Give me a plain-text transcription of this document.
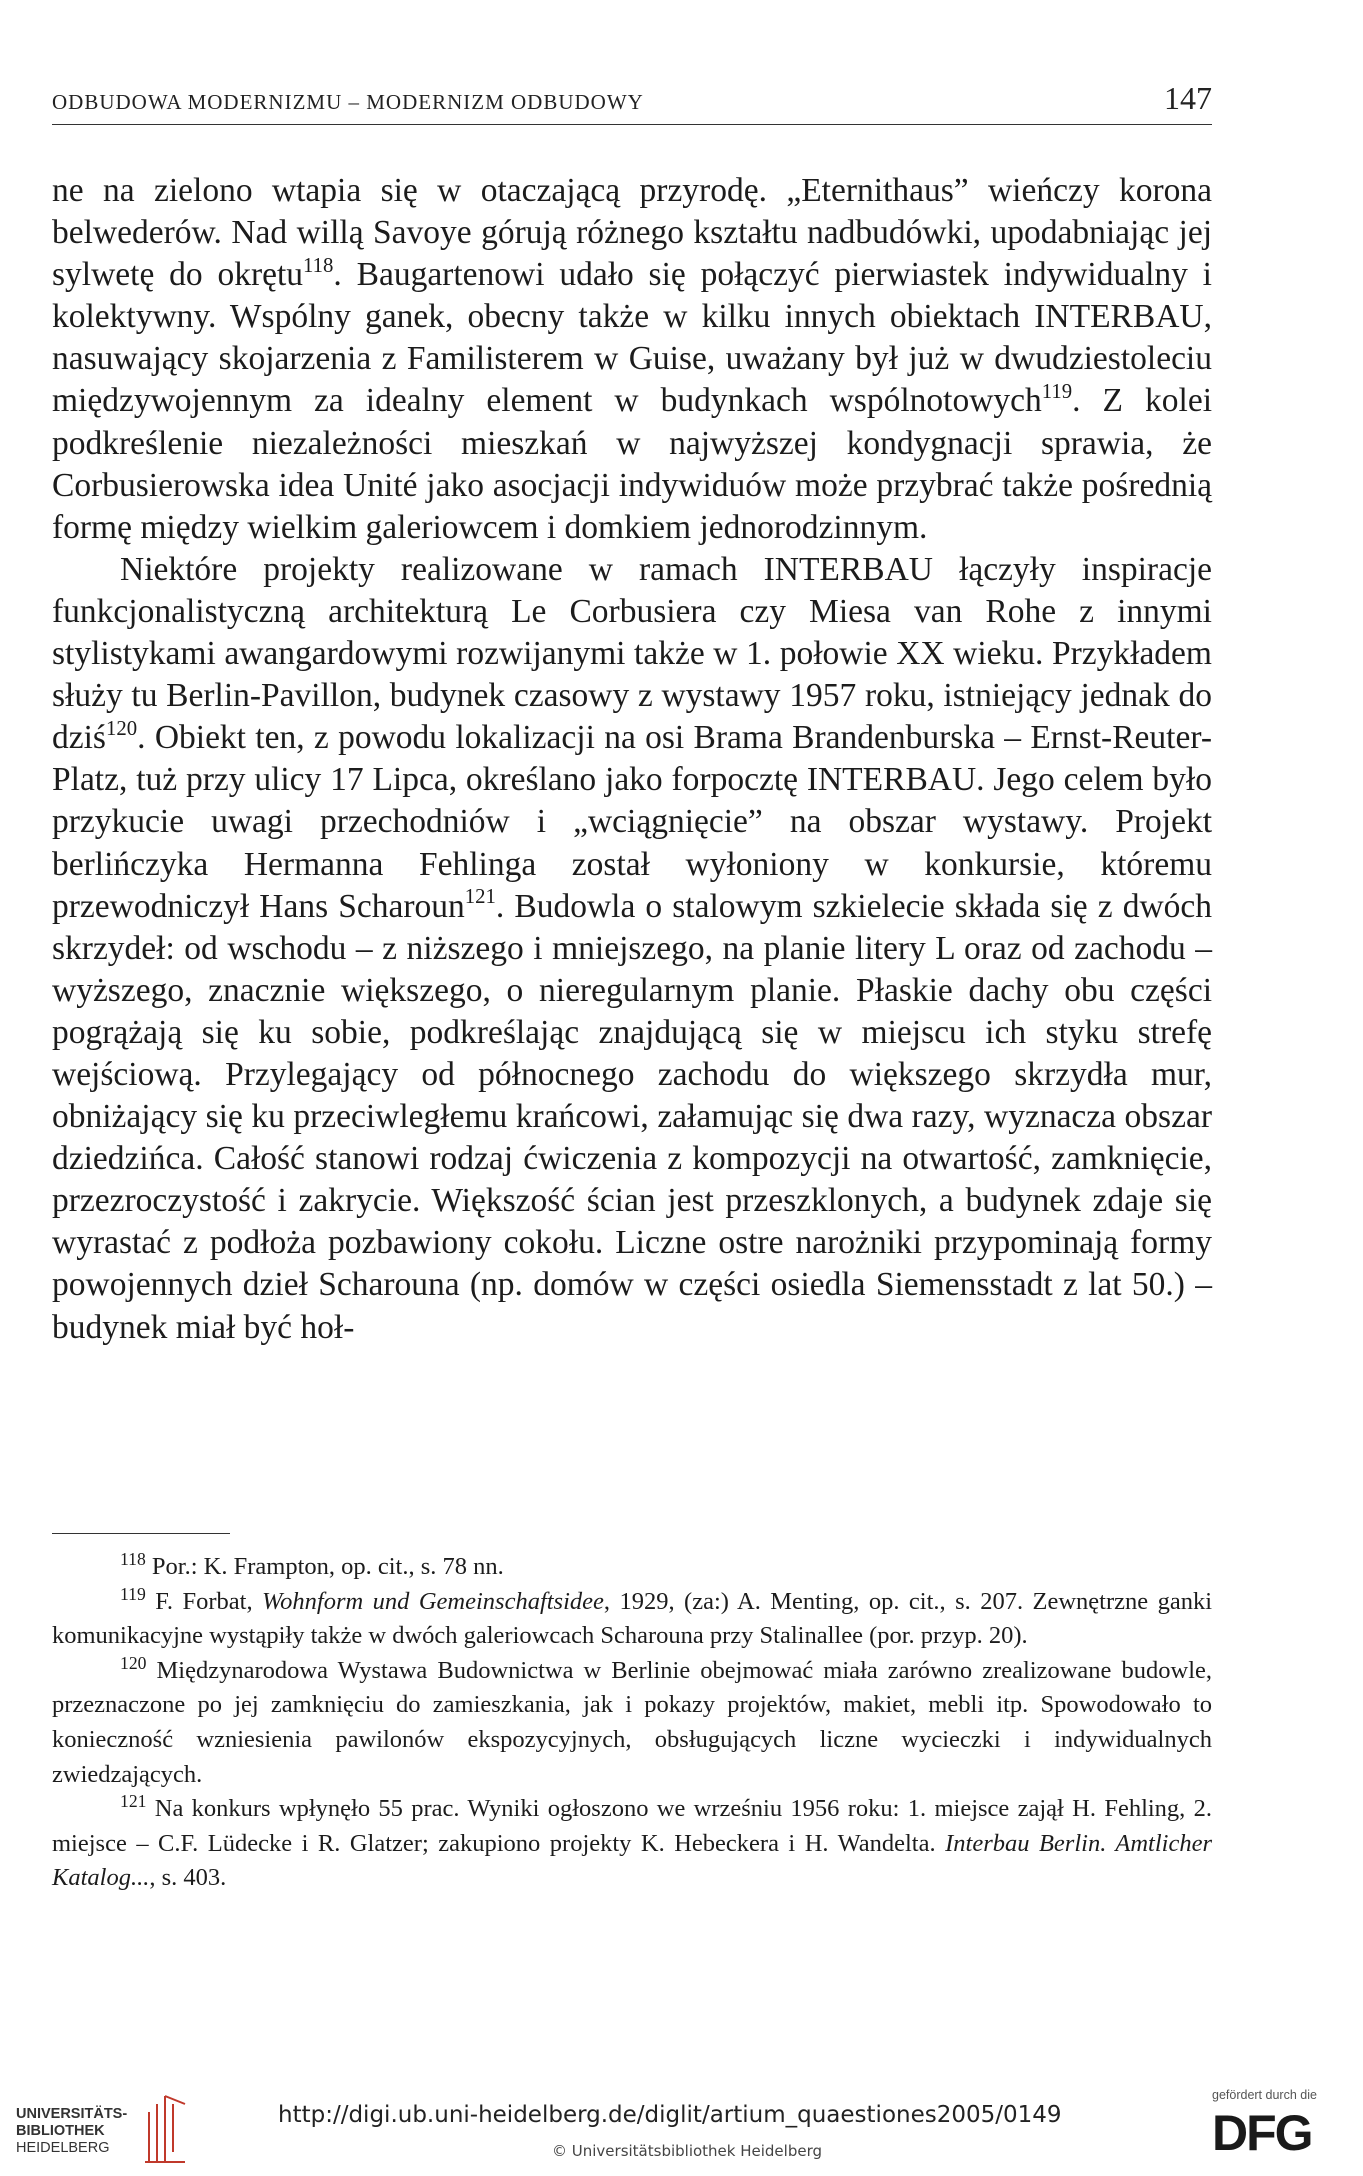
ODBUDOWA MODERNIZMU – MODERNIZM ODBUDOWY	147

ne na zielono wtapia się w otaczającą przyrodę. „Eternithaus” wieńczy korona belwederów. Nad willą Savoye górują różnego kształtu nadbudówki, upodabniając jej sylwetę do okrętu$^{118}$. Baugartenowi udało się połączyć pierwiastek indywidualny i kolektywny. Wspólny ganek, obecny także w kilku innych obiektach INTERBAU, nasuwający skojarzenia z Familisterem w Guise, uważany był już w dwudziestoleciu międzywojennym za idealny element w budynkach wspólnotowych$^{119}$. Z kolei podkreślenie niezależności mieszkań w najwyższej kondygnacji sprawia, że Corbusierowska idea Unité jako asocjacji indywiduów może przybrać także pośrednią formę między wielkim galeriowcem i domkiem jednorodzinnym.

Niektóre projekty realizowane w ramach INTERBAU łączyły inspiracje funkcjonalistyczną architekturą Le Corbusiera czy Miesa van Rohe z innymi stylistykami awangardowymi rozwijanymi także w 1. połowie XX wieku. Przykładem służy tu Berlin-Pavillon, budynek czasowy z wystawy 1957 roku, istniejący jednak do dziś$^{120}$. Obiekt ten, z powodu lokalizacji na osi Brama Brandenburska – Ernst-Reuter-Platz, tuż przy ulicy 17 Lipca, określano jako forpocztę INTERBAU. Jego celem było przykucie uwagi przechodniów i „wciągnięcie” na obszar wystawy. Projekt berlińczyka Hermanna Fehlinga został wyłoniony w konkursie, któremu przewodniczył Hans Scharoun$^{121}$. Budowla o stalowym szkielecie składa się z dwóch skrzydeł: od wschodu – z niższego i mniejszego, na planie litery L oraz od zachodu – wyższego, znacznie większego, o nieregularnym planie. Płaskie dachy obu części pogrążają się ku sobie, podkreślając znajdującą się w miejscu ich styku strefę wejściową. Przylegający od północnego zachodu do większego skrzydła mur, obniżający się ku przeciwległemu krańcowi, załamując się dwa razy, wyznacza obszar dziedzińca. Całość stanowi rodzaj ćwiczenia z kompozycji na otwartość, zamknięcie, przezroczystość i zakrycie. Większość ścian jest przeszklonych, a budynek zdaje się wyrastać z podłoża pozbawiony cokołu. Liczne ostre narożniki przypominają formy powojennych dzieł Scharouna (np. domów w części osiedla Siemensstadt z lat 50.) – budynek miał być hoł-

$^{118}$ Por.: K. Frampton, op. cit., s. 78 nn.

$^{119}$ F. Forbat, Wohnform und Gemeinschaftsidee, 1929, (za:) A. Menting, op. cit., s. 207. Zewnętrzne ganki komunikacyjne wystąpiły także w dwóch galeriowcach Scharouna przy Stalinallee (por. przyp. 20).

$^{120}$ Międzynarodowa Wystawa Budownictwa w Berlinie obejmować miała zarówno zrealizowane budowle, przeznaczone po jej zamknięciu do zamieszkania, jak i pokazy projektów, makiet, mebli itp. Spowodowało to konieczność wzniesienia pawilonów ekspozycyjnych, obsługujących liczne wycieczki i indywidualnych zwiedzających.

$^{121}$ Na konkurs wpłynęło 55 prac. Wyniki ogłoszono we wrześniu 1956 roku: 1. miejsce zajął H. Fehling, 2. miejsce – C.F. Lüdecke i R. Glatzer; zakupiono projekty K. Hebeckera i H. Wandelta. Interbau Berlin. Amtlicher Katalog..., s. 403.

UNIVERSITÄTS-
BIBLIOTHEK
HEIDELBERG
http://digi.ub.uni-heidelberg.de/diglit/artium_quaestiones2005/0149
© Universitätsbibliothek Heidelberg
gefördert durch die
DFG
